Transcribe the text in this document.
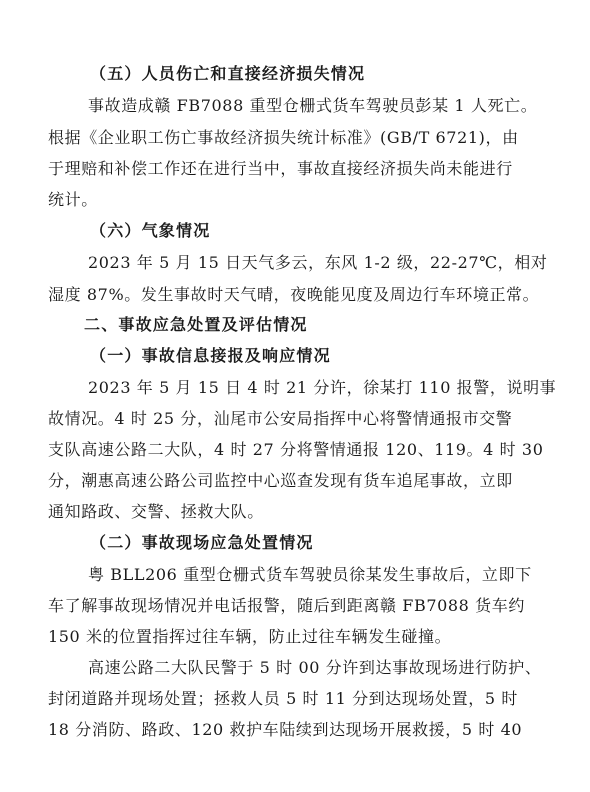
（五）人员伤亡和直接经济损失情况
事故造成赣 FB7088 重型仓栅式货车驾驶员彭某 1 人死亡。
根据《企业职工伤亡事故经济损失统计标准》(GB/T 6721)，由
于理赔和补偿工作还在进行当中，事故直接经济损失尚未能进行
统计。
（六）气象情况
2023 年 5 月 15 日天气多云，东风 1-2 级，22-27℃，相对
湿度 87%。发生事故时天气晴，夜晚能见度及周边行车环境正常。
二、事故应急处置及评估情况
（一）事故信息接报及响应情况
2023 年 5 月 15 日 4 时 21 分许，徐某打 110 报警，说明事
故情况。4 时 25 分，汕尾市公安局指挥中心将警情通报市交警
支队高速公路二大队，4 时 27 分将警情通报 120、119。4 时 30
分，潮惠高速公路公司监控中心巡查发现有货车追尾事故，立即
通知路政、交警、拯救大队。
（二）事故现场应急处置情况
粤 BLL206 重型仓栅式货车驾驶员徐某发生事故后，立即下
车了解事故现场情况并电话报警，随后到距离赣 FB7088 货车约
150 米的位置指挥过往车辆，防止过往车辆发生碰撞。
高速公路二大队民警于 5 时 00 分许到达事故现场进行防护、
封闭道路并现场处置；拯救人员 5 时 11 分到达现场处置，5 时
18 分消防、路政、120 救护车陆续到达现场开展救援，5 时 40
